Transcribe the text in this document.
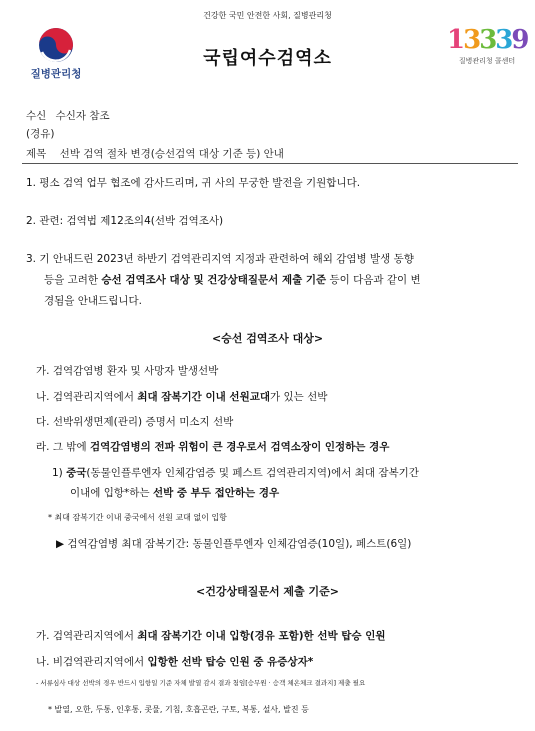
건강한 국민 안전한 사회, 질병관리청
질병관리청
국립여수검역소
13339
질병관리청 콜센터
수신 수신자 참조
(경유)
제목 선박 검역 절차 변경(승선검역 대상 기준 등) 안내
1. 평소 검역 업무 협조에 감사드리며, 귀 사의 무궁한 발전을 기원합니다.
2. 관련: 검역법 제12조의4(선박 검역조사)
3. 기 안내드린 2023년 하반기 검역관리지역 지정과 관련하여 해외 감염병 발생 동향
등을 고려한 승선 검역조사 대상 및 건강상태질문서 제출 기준 등이 다음과 같이 변
경됨을 안내드립니다.
<승선 검역조사 대상>
가. 검역감염병 환자 및 사망자 발생선박
나. 검역관리지역에서 최대 잠복기간 이내 선원교대가 있는 선박
다. 선박위생면제(관리) 증명서 미소지 선박
라. 그 밖에 검역감염병의 전파 위험이 큰 경우로서 검역소장이 인정하는 경우
1) 중국(동물인플루엔자 인체감염증 및 페스트 검역관리지역)에서 최대 잠복기간
이내에 입항*하는 선박 중 부두 접안하는 경우
* 최대 잠복기간 이내 중국에서 선원 교대 없이 입항
▶ 검역감염병 최대 잠복기간: 동물인플루엔자 인체감염증(10일), 페스트(6일)
<건강상태질문서 제출 기준>
가. 검역관리지역에서 최대 잠복기간 이내 입항(경유 포함)한 선박 탑승 인원
나. 비검역관리지역에서 입항한 선박 탑승 인원 중 유증상자*
- 서류심사 대상 선박의 경우 반드시 입항일 기준 자체 발열 감시 결과 첨임[승무원 · 승객 체온체크 결과지] 제출 필요
* 발열, 오한, 두통, 인후통, 콧물, 기침, 호흡곤란, 구토, 복통, 설사, 발진 등
